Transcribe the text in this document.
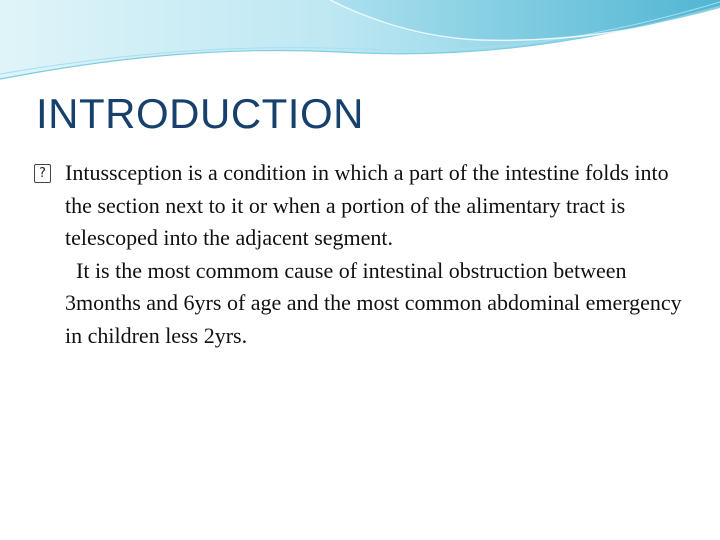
INTRODUCTION

? Intussception is a condition in which a part of the intestine folds into the section next to it or when a portion of the alimentary tract is telescoped into the adjacent segment.

It is the most commom cause of intestinal obstruction between 3months and 6yrs of age and the most common abdominal emergency in children less 2yrs.
